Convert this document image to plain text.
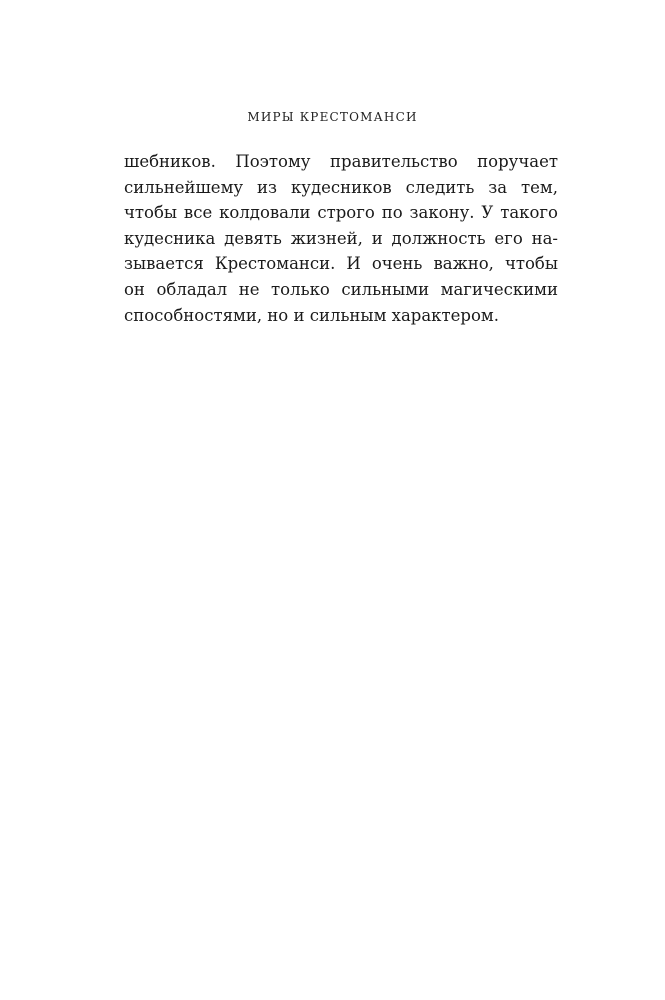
МИРЫ КРЕСТОМАНСИ
шебников. Поэтому правительство поручает
сильнейшему из кудесников следить за тем,
чтобы все колдовали строго по закону. У такого
кудесника девять жизней, и должность его на-
зывается Крестоманси. И очень важно, чтобы
он обладал не только сильными магическими
способностями, но и сильным характером.
